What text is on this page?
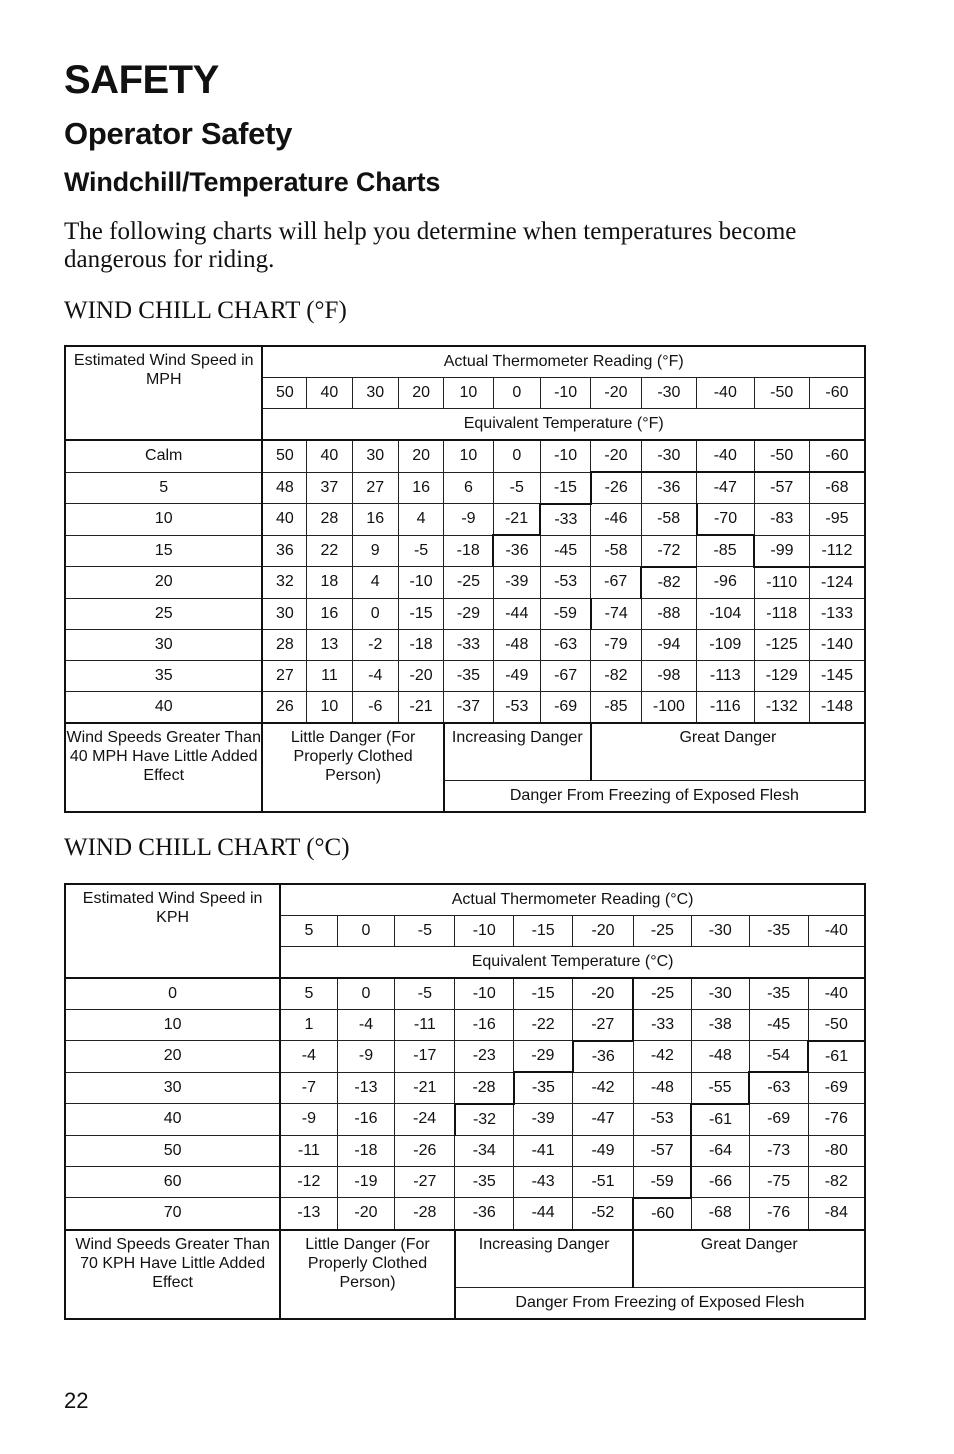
SAFETY
Operator Safety
Windchill/Temperature Charts

The following charts will help you determine when temperatures become dangerous for riding.

WIND CHILL CHART (°F)

Estimated Wind Speed in MPH	Actual Thermometer Reading (°F)											
	50	40	30	20	10	0	-10	-20	-30	-40	-50	-60
	Equivalent Temperature (°F)											
Calm	50	40	30	20	10	0	-10	-20	-30	-40	-50	-60
5	48	37	27	16	6	-5	-15	-26	-36	-47	-57	-68
10	40	28	16	4	-9	-21	-33	-46	-58	-70	-83	-95
15	36	22	9	-5	-18	-36	-45	-58	-72	-85	-99	-112
20	32	18	4	-10	-25	-39	-53	-67	-82	-96	-110	-124
25	30	16	0	-15	-29	-44	-59	-74	-88	-104	-118	-133
30	28	13	-2	-18	-33	-48	-63	-79	-94	-109	-125	-140
35	27	11	-4	-20	-35	-49	-67	-82	-98	-113	-129	-145
40	26	10	-6	-21	-37	-53	-69	-85	-100	-116	-132	-148
Wind Speeds Greater Than 40 MPH Have Little Added Effect	Little Danger (For Properly Clothed Person)				Increasing Danger			Great Danger				
					Danger From Freezing of Exposed Flesh							

WIND CHILL CHART (°C)

Estimated Wind Speed in KPH	Actual Thermometer Reading (°C)									
	5	0	-5	-10	-15	-20	-25	-30	-35	-40
	Equivalent Temperature (°C)									
0	5	0	-5	-10	-15	-20	-25	-30	-35	-40
10	1	-4	-11	-16	-22	-27	-33	-38	-45	-50
20	-4	-9	-17	-23	-29	-36	-42	-48	-54	-61
30	-7	-13	-21	-28	-35	-42	-48	-55	-63	-69
40	-9	-16	-24	-32	-39	-47	-53	-61	-69	-76
50	-11	-18	-26	-34	-41	-49	-57	-64	-73	-80
60	-12	-19	-27	-35	-43	-51	-59	-66	-75	-82
70	-13	-20	-28	-36	-44	-52	-60	-68	-76	-84
Wind Speeds Greater Than 70 KPH Have Little Added Effect	Little Danger (For Properly Clothed Person)			Increasing Danger			Great Danger			
				Danger From Freezing of Exposed Flesh						
22
